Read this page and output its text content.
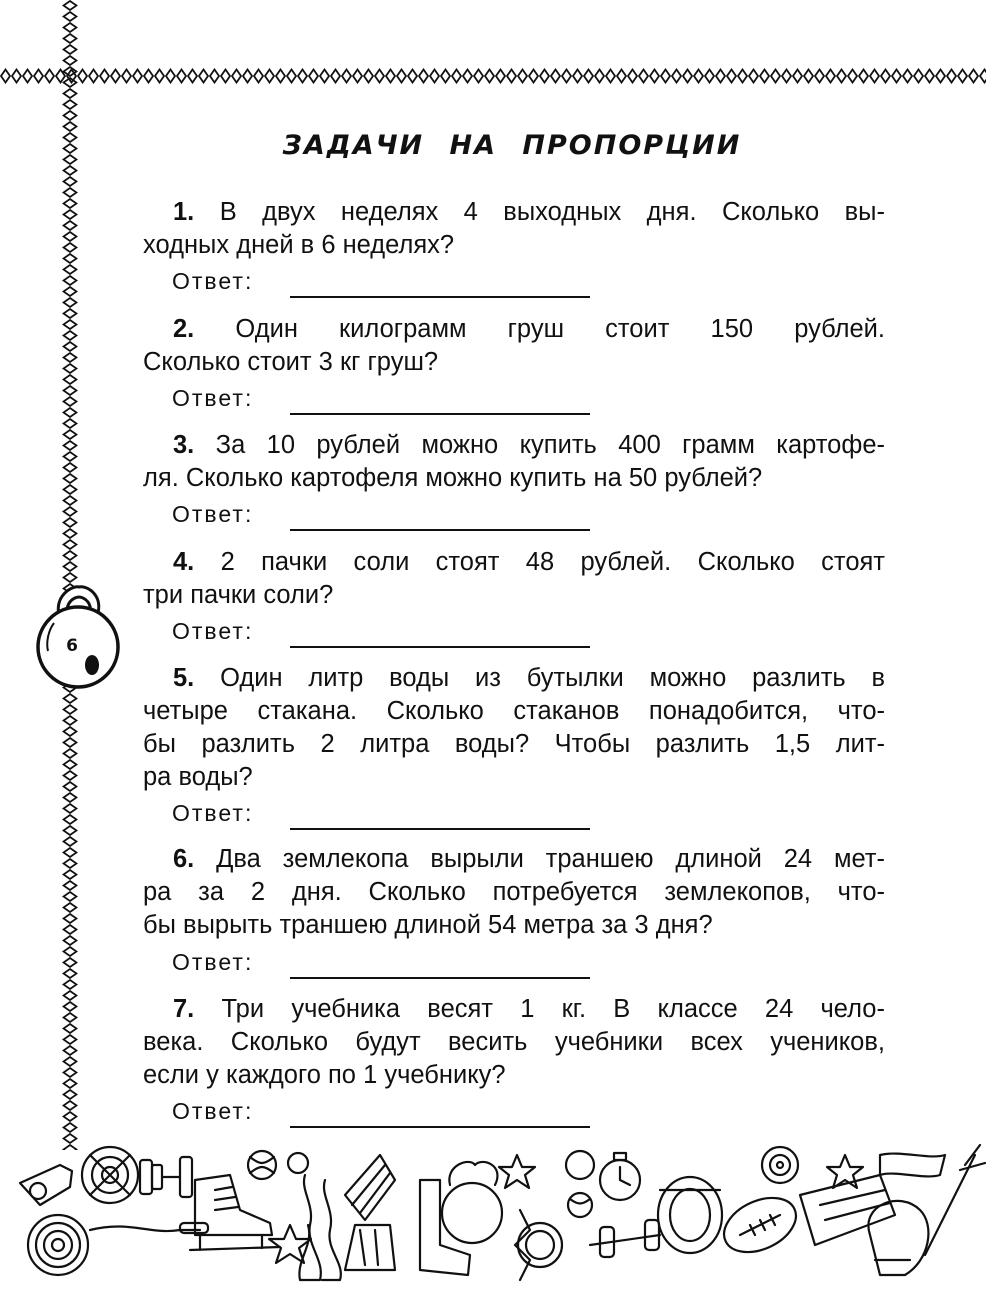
6
ЗАДАЧИ НА ПРОПОРЦИИ
1. В двух неделях 4 выходных дня. Сколько вы-
ходных дней в 6 неделях?
Ответ:
2. Один килограмм груш стоит 150 рублей.
Сколько стоит 3 кг груш?
Ответ:
3. За 10 рублей можно купить 400 грамм картофе-
ля. Сколько картофеля можно купить на 50 рублей?
Ответ:
4. 2 пачки соли стоят 48 рублей. Сколько стоят
три пачки соли?
Ответ:
5. Один литр воды из бутылки можно разлить в
четыре стакана. Сколько стаканов понадобится, что-
бы разлить 2 литра воды? Чтобы разлить 1,5 лит-
ра воды?
Ответ:
6. Два землекопа вырыли траншею длиной 24 мет-
ра за 2 дня. Сколько потребуется землекопов, что-
бы вырыть траншею длиной 54 метра за 3 дня?
Ответ:
7. Три учебника весят 1 кг. В классе 24 чело-
века. Сколько будут весить учебники всех учеников,
если у каждого по 1 учебнику?
Ответ:
